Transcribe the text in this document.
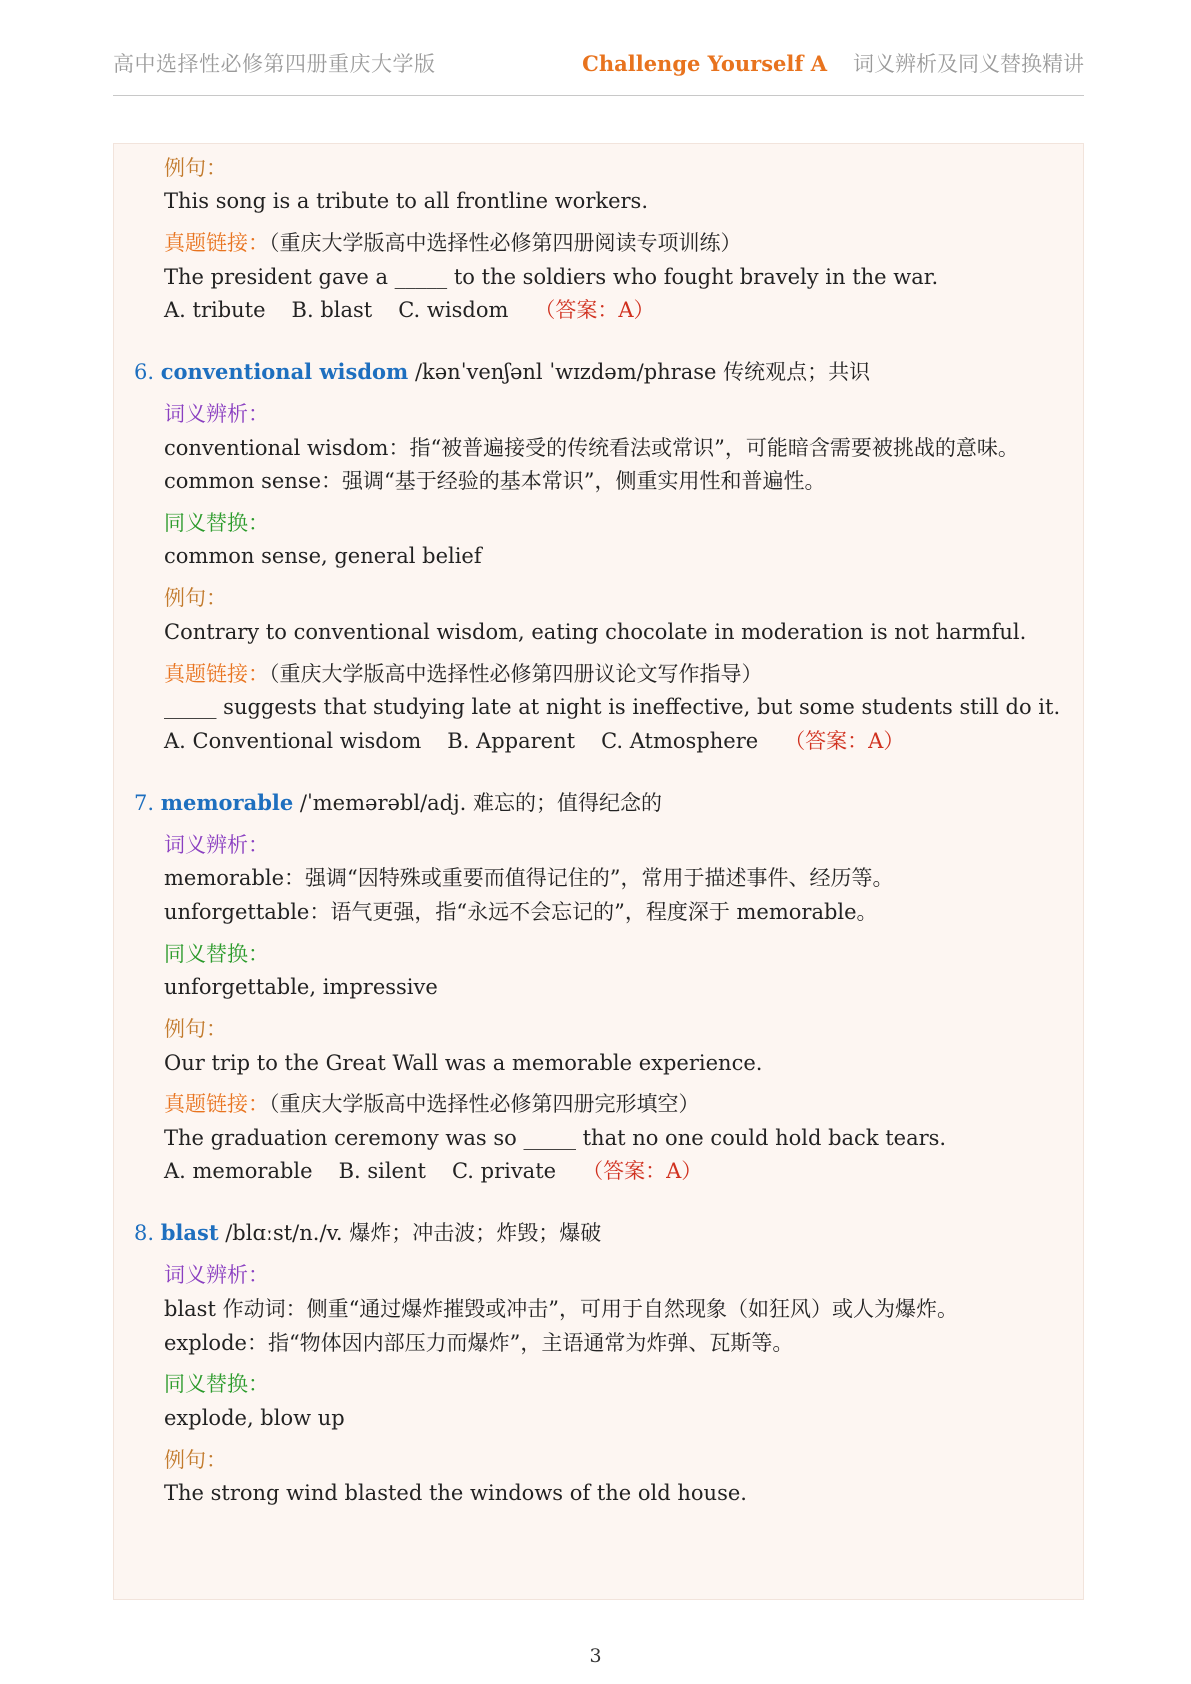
高中选择性必修第四册重庆大学版	Challenge Yourself A 词义辨析及同义替换精讲
例句：
This song is a tribute to all frontline workers.
真题链接：（重庆大学版高中选择性必修第四册阅读专项训练）
The president gave a _____ to the soldiers who fought bravely in the war.
A. tribute B. blast C. wisdom （答案：A）
6. conventional wisdom /kənˈvenʃənl ˈwɪzdəm/phrase 传统观点；共识
词义辨析：
conventional wisdom：指“被普遍接受的传统看法或常识”，可能暗含需要被挑战的意味。
common sense：强调“基于经验的基本常识”，侧重实用性和普遍性。
同义替换：
common sense, general belief
例句：
Contrary to conventional wisdom, eating chocolate in moderation is not harmful.
真题链接：（重庆大学版高中选择性必修第四册议论文写作指导）
_____ suggests that studying late at night is ineffective, but some students still do it.
A. Conventional wisdom B. Apparent C. Atmosphere （答案：A）
7. memorable /ˈmemərəbl/adj. 难忘的；值得纪念的
词义辨析：
memorable：强调“因特殊或重要而值得记住的”，常用于描述事件、经历等。
unforgettable：语气更强，指“永远不会忘记的”，程度深于 memorable。
同义替换：
unforgettable, impressive
例句：
Our trip to the Great Wall was a memorable experience.
真题链接：（重庆大学版高中选择性必修第四册完形填空）
The graduation ceremony was so _____ that no one could hold back tears.
A. memorable B. silent C. private （答案：A）
8. blast /blɑːst/n./v. 爆炸；冲击波；炸毁；爆破
词义辨析：
blast 作动词：侧重“通过爆炸摧毁或冲击”，可用于自然现象（如狂风）或人为爆炸。
explode：指“物体因内部压力而爆炸”，主语通常为炸弹、瓦斯等。
同义替换：
explode, blow up
例句：
The strong wind blasted the windows of the old house.
3
